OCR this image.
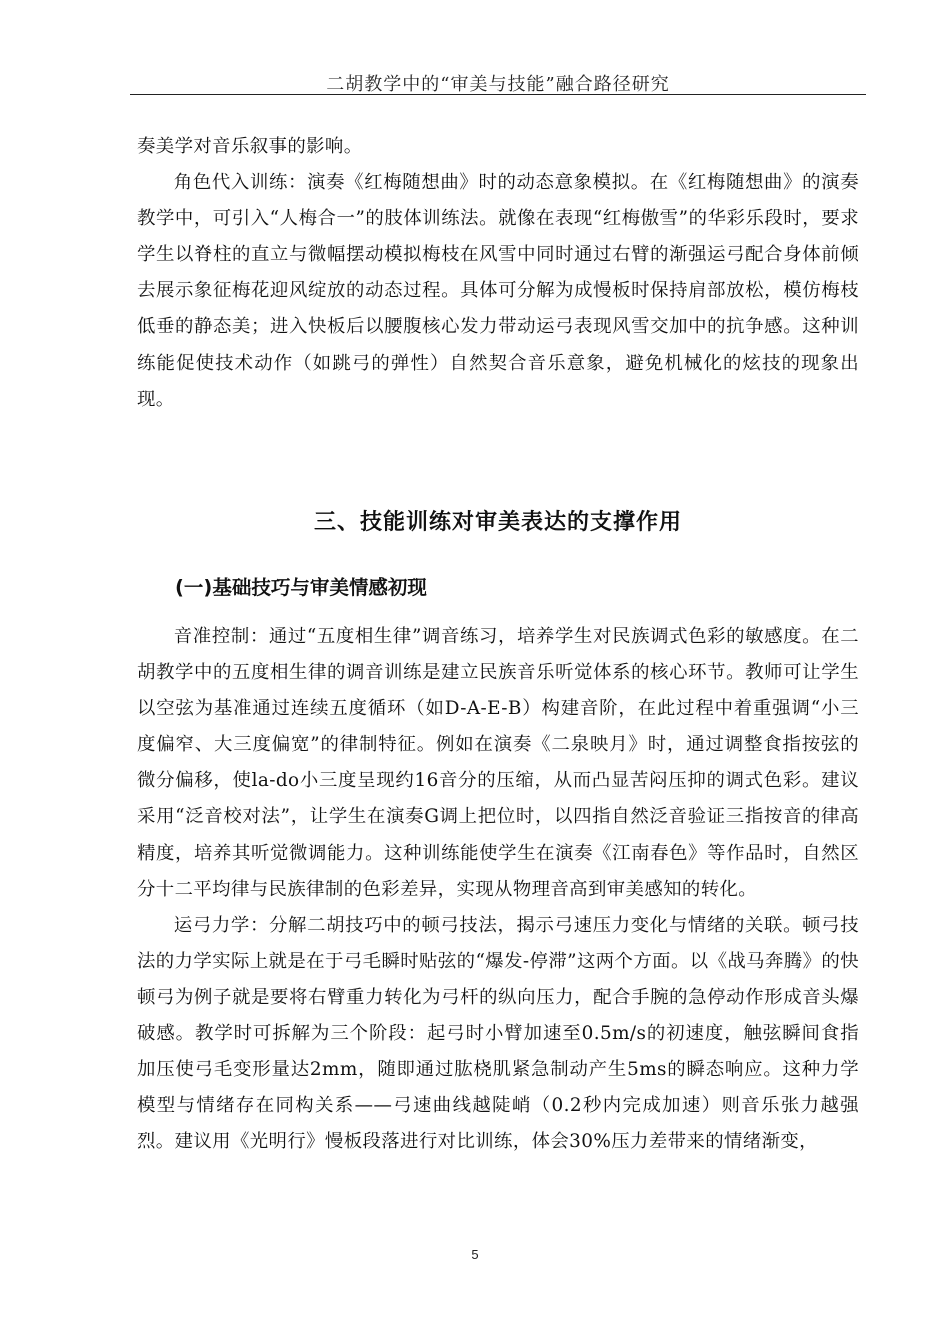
二胡教学中的“审美与技能”融合路径研究

奏美学对音乐叙事的影响。

角色代入训练：演奏《红梅随想曲》时的动态意象模拟。在《红梅随想曲》的演奏教学中，可引入“人梅合一”的肢体训练法。就像在表现“红梅傲雪”的华彩乐段时，要求学生以脊柱的直立与微幅摆动模拟梅枝在风雪中同时通过右臂的渐强运弓配合身体前倾去展示象征梅花迎风绽放的动态过程。具体可分解为成慢板时保持肩部放松，模仿梅枝低垂的静态美；进入快板后以腰腹核心发力带动运弓表现风雪交加中的抗争感。这种训练能促使技术动作（如跳弓的弹性）自然契合音乐意象，避免机械化的炫技的现象出现。

三、技能训练对审美表达的支撑作用
(一)基础技巧与审美情感初现

音准控制：通过“五度相生律”调音练习，培养学生对民族调式色彩的敏感度。在二胡教学中的五度相生律的调音训练是建立民族音乐听觉体系的核心环节。教师可让学生以空弦为基准通过连续五度循环（如D-A-E-B）构建音阶，在此过程中着重强调“小三度偏窄、大三度偏宽”的律制特征。例如在演奏《二泉映月》时，通过调整食指按弦的微分偏移，使la-do小三度呈现约16音分的压缩，从而凸显苦闷压抑的调式色彩。建议采用“泛音校对法”，让学生在演奏G调上把位时，以四指自然泛音验证三指按音的律高精度，培养其听觉微调能力。这种训练能使学生在演奏《江南春色》等作品时，自然区分十二平均律与民族律制的色彩差异，实现从物理音高到审美感知的转化。

运弓力学：分解二胡技巧中的顿弓技法，揭示弓速压力变化与情绪的关联。顿弓技法的力学实际上就是在于弓毛瞬时贴弦的“爆发-停滞”这两个方面。以《战马奔腾》的快顿弓为例子就是要将右臂重力转化为弓杆的纵向压力，配合手腕的急停动作形成音头爆破感。教学时可拆解为三个阶段：起弓时小臂加速至0.5m/s的初速度，触弦瞬间食指加压使弓毛变形量达2mm，随即通过肱桡肌紧急制动产生5ms的瞬态响应。这种力学模型与情绪存在同构关系——弓速曲线越陡峭（0.2秒内完成加速）则音乐张力越强烈。建议用《光明行》慢板段落进行对比训练，体会30%压力差带来的情绪渐变，

5
